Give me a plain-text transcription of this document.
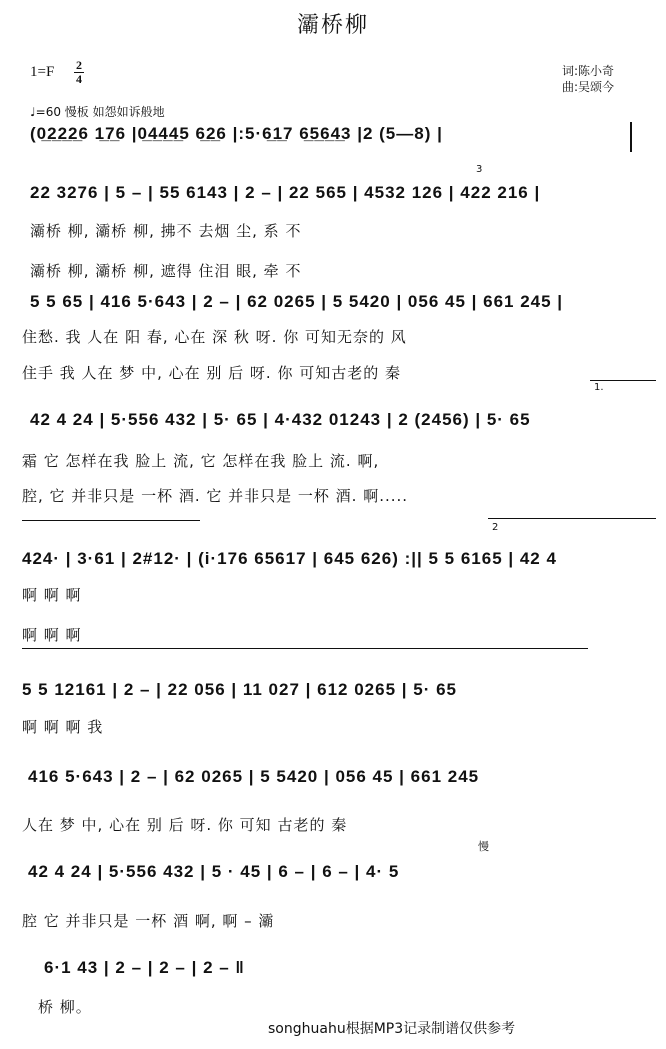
灞桥柳
1=F 2
4
词:陈小奇
曲:吴颂今
♩=60 慢板 如怨如诉般地
(0̲2̲2̲2̲6 1̲7̲6 |0̲4̲4̲4̲5 6̲2̲6 |:5·6̲1̲7 6̲5̲6̲4̲3 |2 (5—8) |
22 3276 | 5 – | 55 6143 | 2 – | 22 565 | 4532 126 | 422 216 |
灞桥 柳, 灞桥 柳, 拂不 去烟 尘, 系 不
灞桥 柳, 灞桥 柳, 遮得 住泪 眼, 牵 不
3
5 5 65 | 416 5·643 | 2 – | 62 0265 | 5 5420 | 056 45 | 661 245 |
住愁. 我 人在 阳 春, 心在 深 秋 呀. 你 可知无奈的 风
住手 我 人在 梦 中, 心在 别 后 呀. 你 可知古老的 秦
1.
42 4 24 | 5·556 432 | 5· 65 | 4·432 01243 | 2 (2456) | 5· 65
霜 它 怎样在我 脸上 流, 它 怎样在我 脸上 流. 啊,
腔, 它 并非只是 一杯 酒. 它 并非只是 一杯 酒. 啊.....
2
424· | 3·61 | 2#12· | (i·176 65617 | 645 626) :|| 5 5 6165 | 42 4
啊 啊 啊
啊 啊 啊
5 5 12161 | 2 – | 22 056 | 11 027 | 612 0265 | 5· 65
啊 啊 啊 我
416 5·643 | 2 – | 62 0265 | 5 5420 | 056 45 | 661 245
人在 梦 中, 心在 别 后 呀. 你 可知 古老的 秦
慢
42 4 24 | 5·556 432 | 5 · 45 | 6 – | 6 – | 4· 5
腔 它 并非只是 一杯 酒 啊, 啊 – 灞
6·1 43 | 2 – | 2 – | 2 – ‖
桥 柳。
songhuahu根据MP3记录制谱仅供参考
